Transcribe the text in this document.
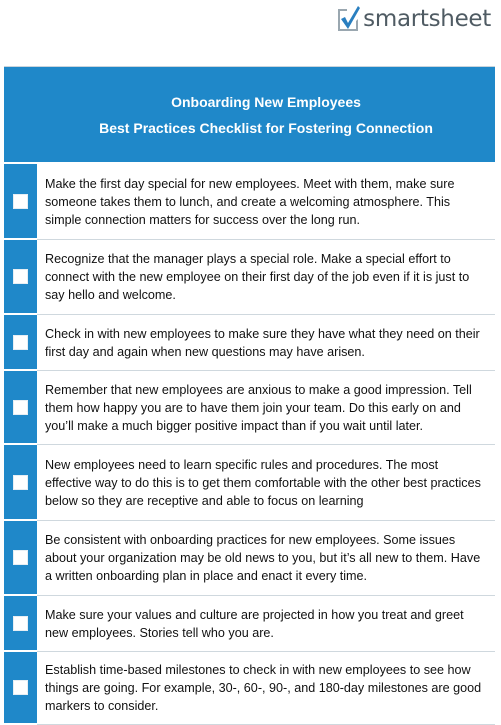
smartsheet
Onboarding New Employees
Best Practices Checklist for Fostering Connection
Make the first day special for new employees. Meet with them, make sure someone takes them to lunch, and create a welcoming atmosphere. This simple connection matters for success over the long run.
Recognize that the manager plays a special role. Make a special effort to connect with the new employee on their first day of the job even if it is just to say hello and welcome.
Check in with new employees to make sure they have what they need on their first day and again when new questions may have arisen.
Remember that new employees are anxious to make a good impression. Tell them how happy you are to have them join your team. Do this early on and you’ll make a much bigger positive impact than if you wait until later.
New employees need to learn specific rules and procedures. The most effective way to do this is to get them comfortable with the other best practices below so they are receptive and able to focus on learning
Be consistent with onboarding practices for new employees. Some issues about your organization may be old news to you, but it’s all new to them. Have a written onboarding plan in place and enact it every time.
Make sure your values and culture are projected in how you treat and greet new employees. Stories tell who you are.
Establish time-based milestones to check in with new employees to see how things are going. For example, 30-, 60-, 90-, and 180-day milestones are good markers to consider.
